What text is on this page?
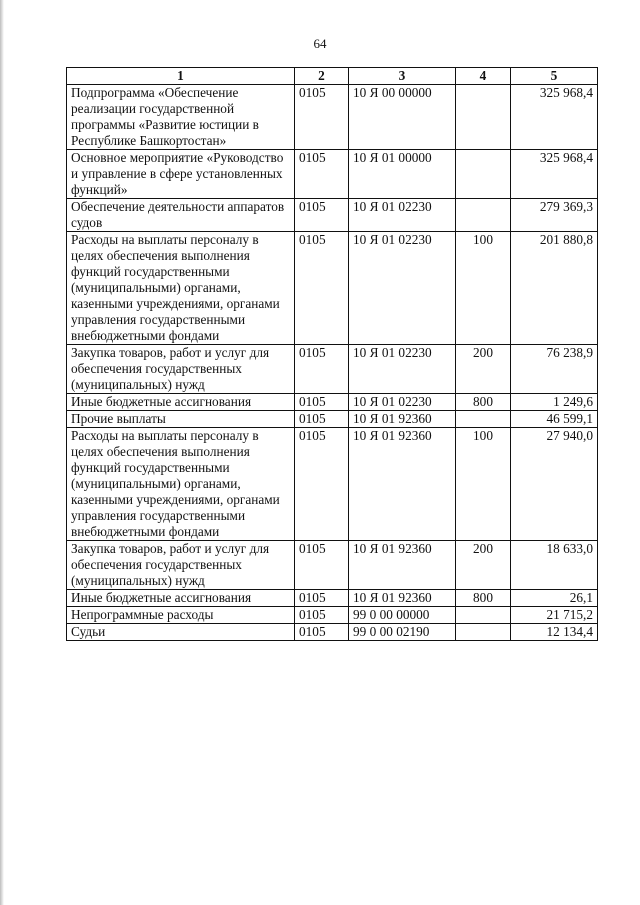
64
1	2	3	4	5
Подпрограмма «Обеспечение реализации государственной программы «Развитие юстиции в Республике Башкортостан»	0105	10 Я 00 00000		325 968,4
Основное мероприятие «Руководство и управление в сфере установленных функций»	0105	10 Я 01 00000		325 968,4
Обеспечение деятельности аппаратов судов	0105	10 Я 01 02230		279 369,3
Расходы на выплаты персоналу в целях обеспечения выполнения функций государственными (муниципальными) органами, казенными учреждениями, органами управления государственными внебюджетными фондами	0105	10 Я 01 02230	100	201 880,8
Закупка товаров, работ и услуг для обеспечения государственных (муниципальных) нужд	0105	10 Я 01 02230	200	76 238,9
Иные бюджетные ассигнования	0105	10 Я 01 02230	800	1 249,6
Прочие выплаты	0105	10 Я 01 92360		46 599,1
Расходы на выплаты персоналу в целях обеспечения выполнения функций государственными (муниципальными) органами, казенными учреждениями, органами управления государственными внебюджетными фондами	0105	10 Я 01 92360	100	27 940,0
Закупка товаров, работ и услуг для обеспечения государственных (муниципальных) нужд	0105	10 Я 01 92360	200	18 633,0
Иные бюджетные ассигнования	0105	10 Я 01 92360	800	26,1
Непрограммные расходы	0105	99 0 00 00000		21 715,2
Судьи	0105	99 0 00 02190		12 134,4
